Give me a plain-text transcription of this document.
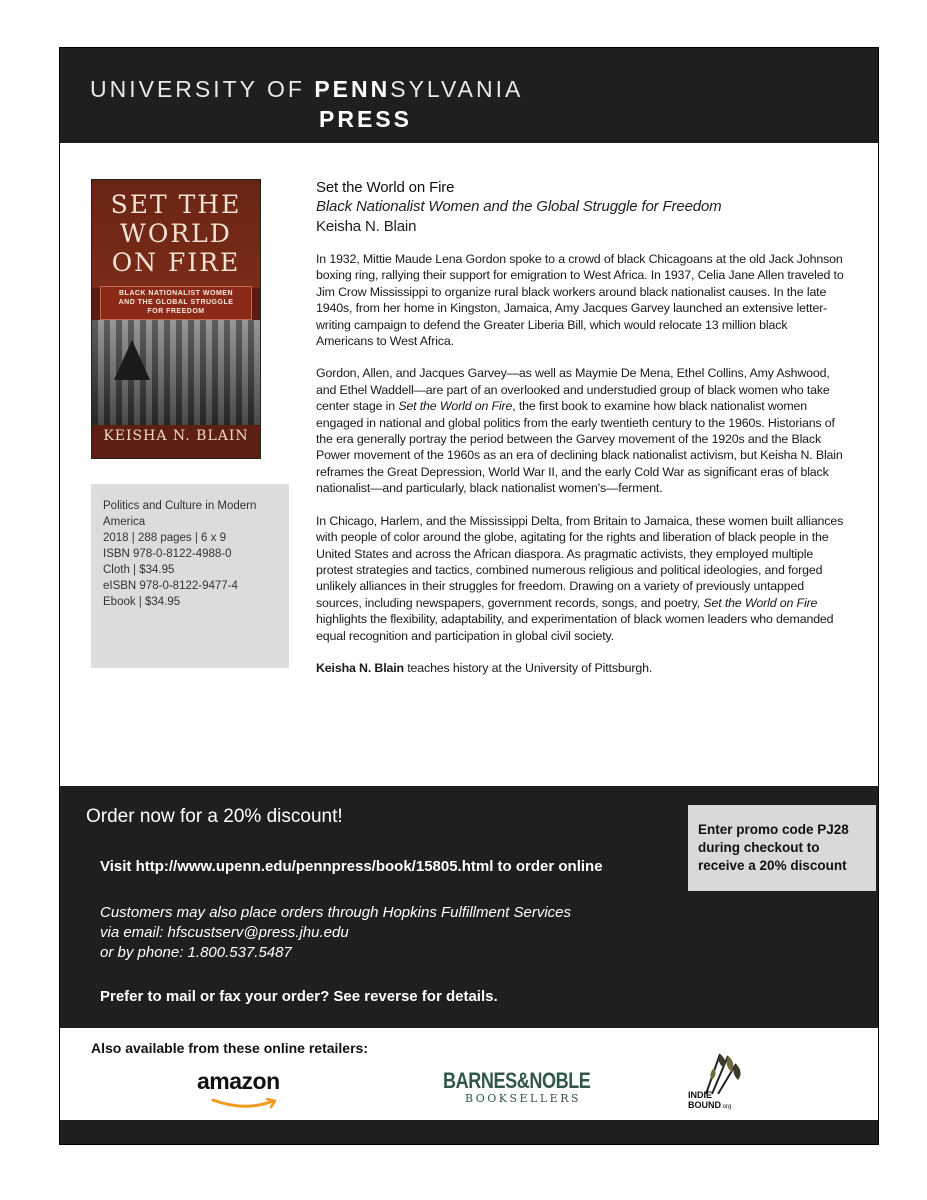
UNIVERSITY OF PENNSYLVANIA
PRESS
SET THE
WORLD
ON FIRE
BLACK NATIONALIST WOMEN
AND THE GLOBAL STRUGGLE
FOR FREEDOM
KEISHA N. BLAIN
Politics and Culture in Modern
America
2018 | 288 pages | 6 x 9
ISBN 978-0-8122-4988-0
Cloth | $34.95
eISBN 978-0-8122-9477-4
Ebook | $34.95
Set the World on Fire
Black Nationalist Women and the Global Struggle for Freedom
Keisha N. Blain

In 1932, Mittie Maude Lena Gordon spoke to a crowd of black Chicagoans at the old Jack Johnson boxing ring, rallying their support for emigration to West Africa. In 1937, Celia Jane Allen traveled to Jim Crow Mississippi to organize rural black workers around black nationalist causes. In the late 1940s, from her home in Kingston, Jamaica, Amy Jacques Garvey launched an extensive letter-writing campaign to defend the Greater Liberia Bill, which would relocate 13 million black Americans to West Africa.

Gordon, Allen, and Jacques Garvey—as well as Maymie De Mena, Ethel Collins, Amy Ashwood, and Ethel Waddell—are part of an overlooked and understudied group of black women who take center stage in Set the World on Fire, the first book to examine how black nationalist women engaged in national and global politics from the early twentieth century to the 1960s. Historians of the era generally portray the period between the Garvey movement of the 1920s and the Black Power movement of the 1960s as an era of declining black nationalist activism, but Keisha N. Blain reframes the Great Depression, World War II, and the early Cold War as significant eras of black nationalist—and particularly, black nationalist women's—ferment.

In Chicago, Harlem, and the Mississippi Delta, from Britain to Jamaica, these women built alliances with people of color around the globe, agitating for the rights and liberation of black people in the United States and across the African diaspora. As pragmatic activists, they employed multiple protest strategies and tactics, combined numerous religious and political ideologies, and forged unlikely alliances in their struggles for freedom. Drawing on a variety of previously untapped sources, including newspapers, government records, songs, and poetry, Set the World on Fire highlights the flexibility, adaptability, and experimentation of black women leaders who demanded equal recognition and participation in global civil society.

Keisha N. Blain teaches history at the University of Pittsburgh.

Order now for a 20% discount!
Visit http://www.upenn.edu/pennpress/book/15805.html to order online
Customers may also place orders through Hopkins Fulfillment Services
via email: hfscustserv@press.jhu.edu
or by phone: 1.800.537.5487
Prefer to mail or fax your order? See reverse for details.
Enter promo code PJ28
during checkout to
receive a 20% discount
Also available from these online retailers:
amazon	BARNES&NOBLE
BOOKSELLERS	INDIE
BOUND.org
